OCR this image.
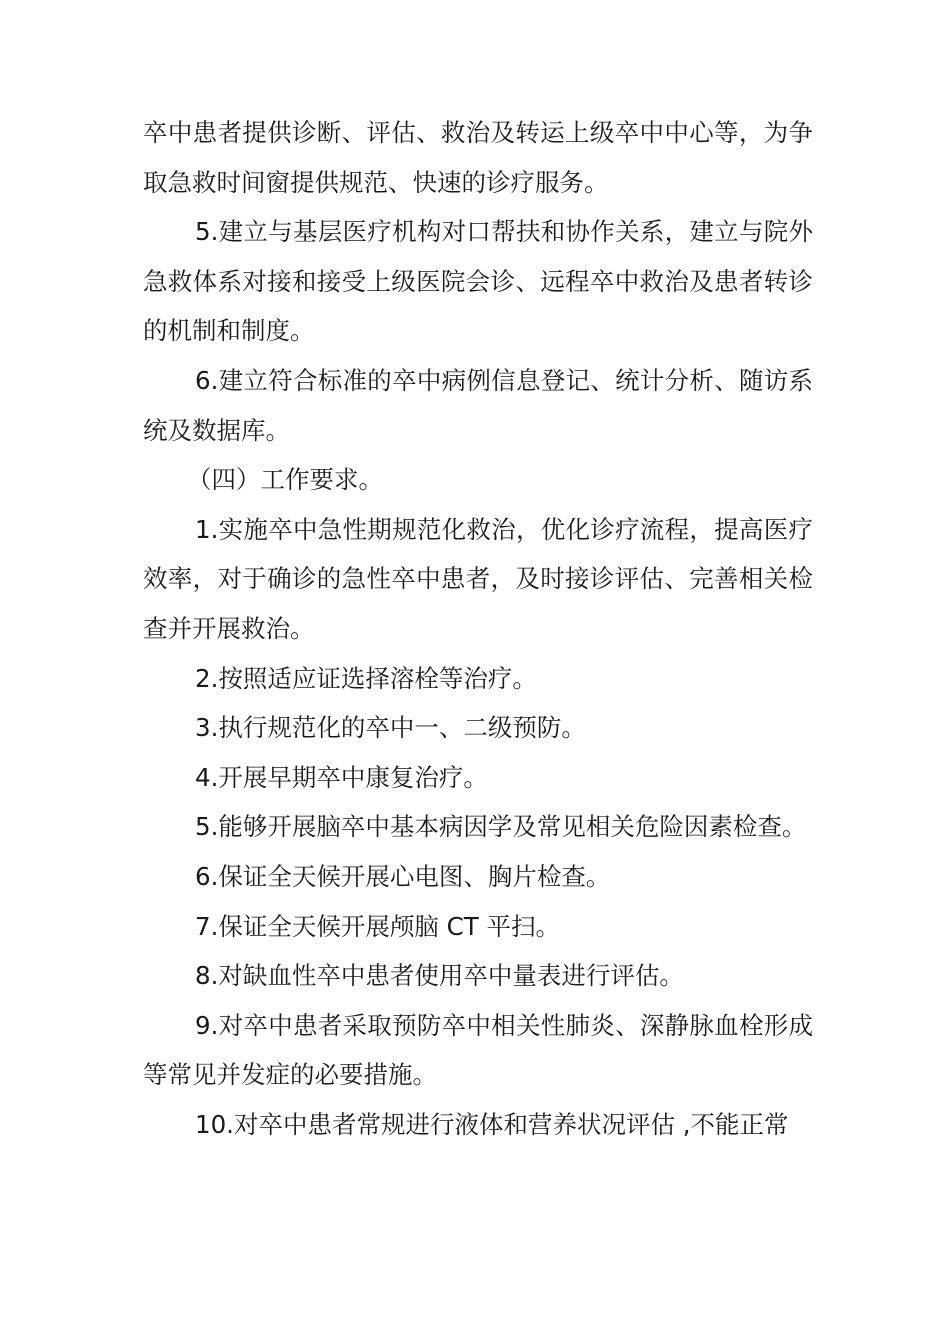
卒中患者提供诊断、评估、救治及转运上级卒中中心等，为争取急救时间窗提供规范、快速的诊疗服务。

5.建立与基层医疗机构对口帮扶和协作关系，建立与院外急救体系对接和接受上级医院会诊、远程卒中救治及患者转诊的机制和制度。

6.建立符合标准的卒中病例信息登记、统计分析、随访系统及数据库。

（四）工作要求。

1.实施卒中急性期规范化救治，优化诊疗流程，提高医疗效率，对于确诊的急性卒中患者，及时接诊评估、完善相关检查并开展救治。

2.按照适应证选择溶栓等治疗。

3.执行规范化的卒中一、二级预防。

4.开展早期卒中康复治疗。

5.能够开展脑卒中基本病因学及常见相关危险因素检查。

6.保证全天候开展心电图、胸片检查。

7.保证全天候开展颅脑 CT 平扫。

8.对缺血性卒中患者使用卒中量表进行评估。

9.对卒中患者采取预防卒中相关性肺炎、深静脉血栓形成等常见并发症的必要措施。

10.对卒中患者常规进行液体和营养状况评估 ,不能正常
